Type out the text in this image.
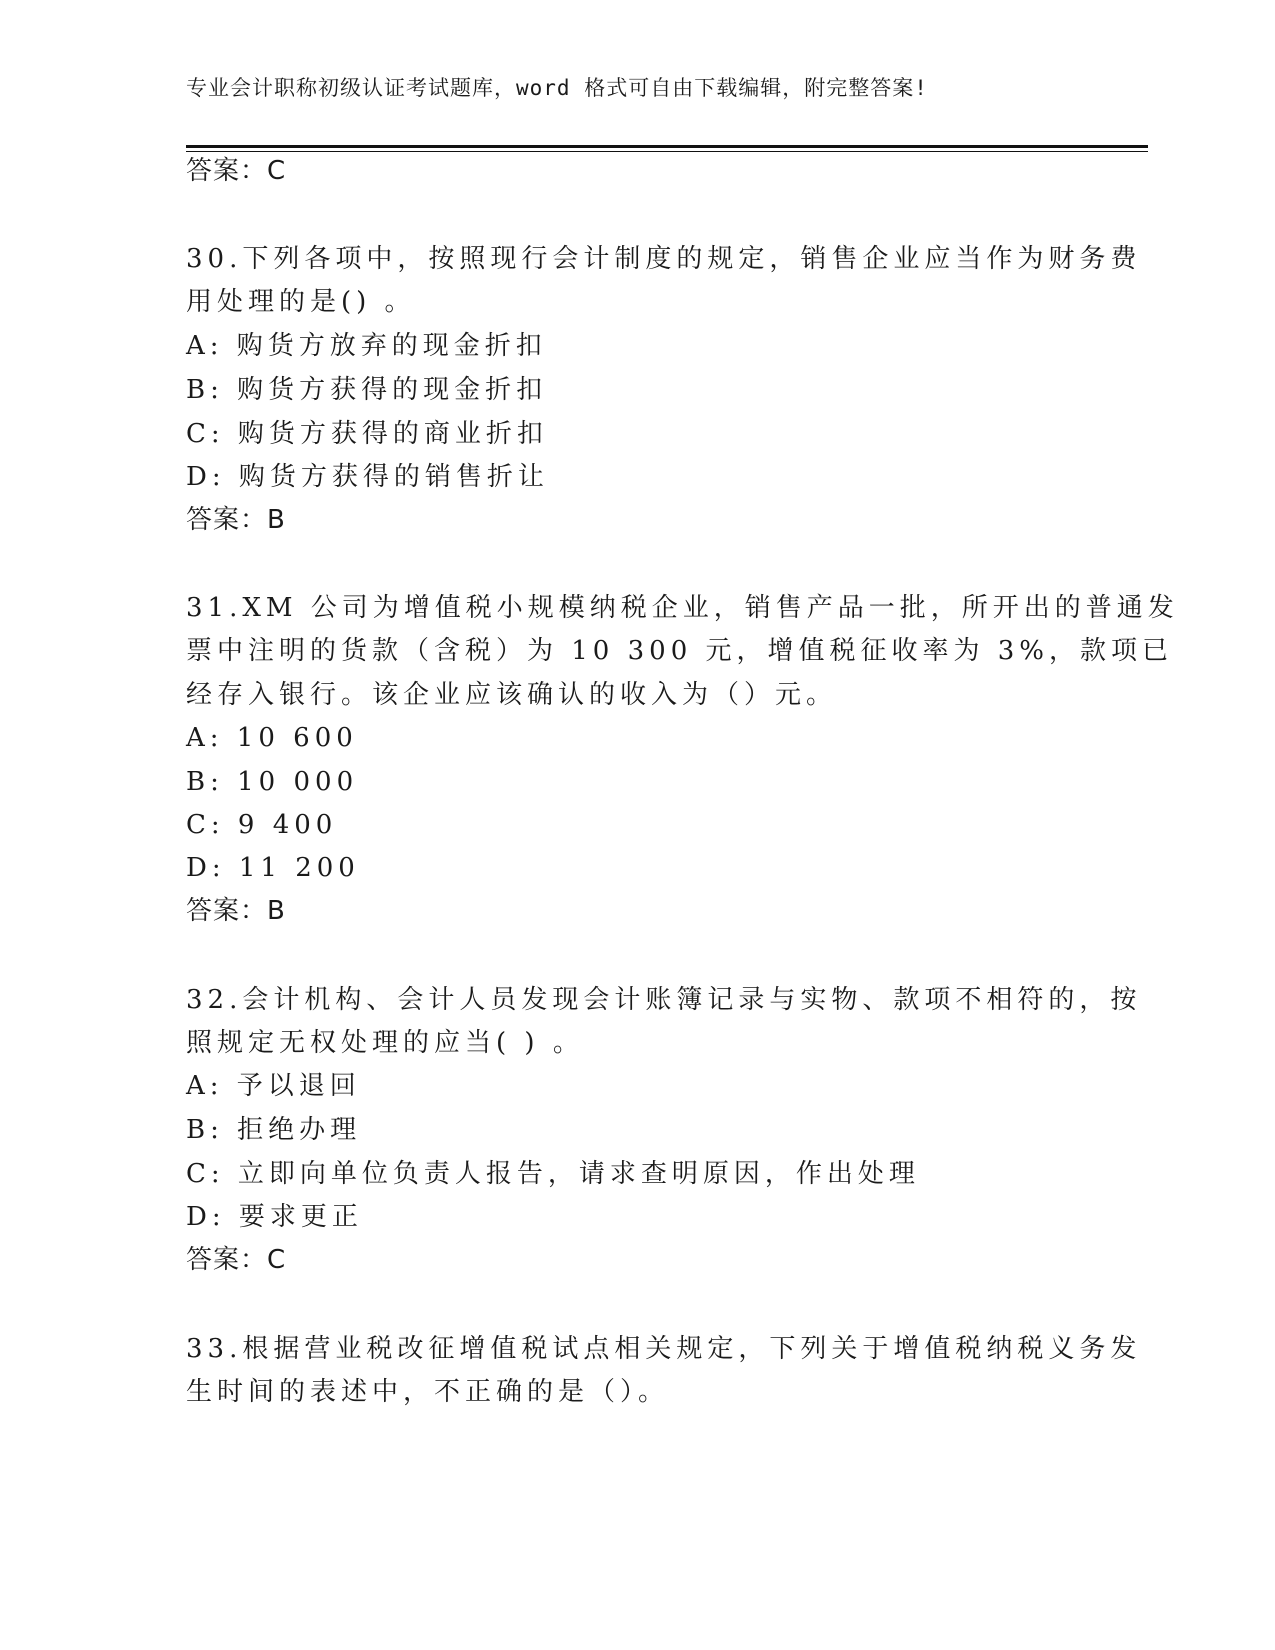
专业会计职称初级认证考试题库，word 格式可自由下载编辑，附完整答案!
答案：C
30.下列各项中，按照现行会计制度的规定，销售企业应当作为财务费
用处理的是() 。
A: 购货方放弃的现金折扣
B: 购货方获得的现金折扣
C: 购货方获得的商业折扣
D: 购货方获得的销售折让
答案：B
31.XM 公司为增值税小规模纳税企业，销售产品一批，所开出的普通发
票中注明的货款（含税）为 10 300 元，增值税征收率为 3%，款项已
经存入银行。该企业应该确认的收入为（）元。
A: 10 600
B: 10 000
C: 9 400
D: 11 200
答案：B
32.会计机构、会计人员发现会计账簿记录与实物、款项不相符的，按
照规定无权处理的应当( ) 。
A: 予以退回
B: 拒绝办理
C: 立即向单位负责人报告，请求查明原因，作出处理
D: 要求更正
答案：C
33.根据营业税改征增值税试点相关规定，下列关于增值税纳税义务发
生时间的表述中，不正确的是（）。
